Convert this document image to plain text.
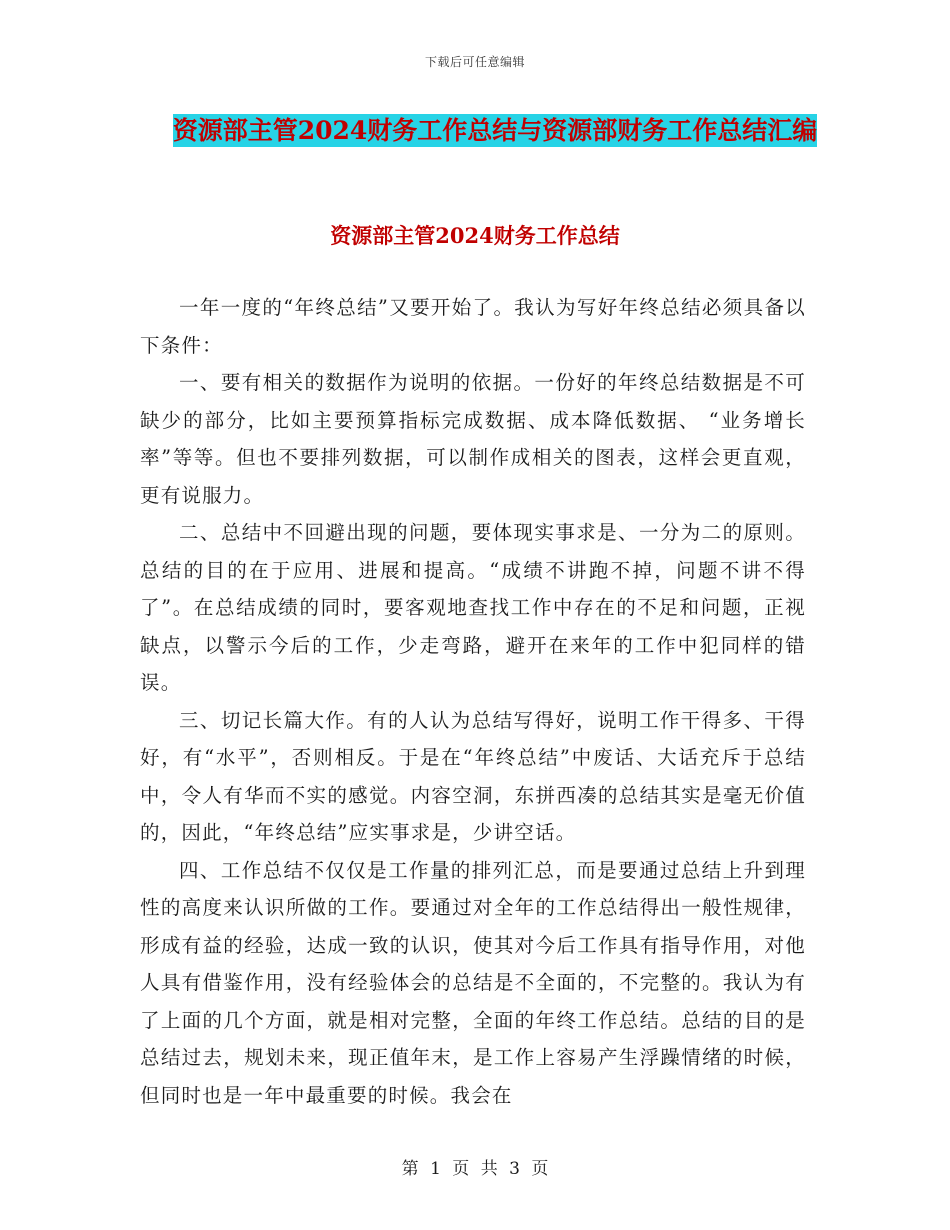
下载后可任意编辑
资源部主管2024财务工作总结与资源部财务工作总结汇编
资源部主管2024财务工作总结

一年一度的“年终总结”又要开始了。我认为写好年终总结必须具备以下条件：

一、要有相关的数据作为说明的依据。一份好的年终总结数据是不可缺少的部分，比如主要预算指标完成数据、成本降低数据、 “业务增长率”等等。但也不要排列数据，可以制作成相关的图表，这样会更直观，更有说服力。

二、总结中不回避出现的问题，要体现实事求是、一分为二的原则。总结的目的在于应用、进展和提高。“成绩不讲跑不掉，问题不讲不得了”。在总结成绩的同时，要客观地查找工作中存在的不足和问题，正视缺点，以警示今后的工作，少走弯路，避开在来年的工作中犯同样的错误。

三、切记长篇大作。有的人认为总结写得好，说明工作干得多、干得好，有“水平”，否则相反。于是在“年终总结”中废话、大话充斥于总结中，令人有华而不实的感觉。内容空洞，东拼西凑的总结其实是毫无价值的，因此，“年终总结”应实事求是，少讲空话。

四、工作总结不仅仅是工作量的排列汇总，而是要通过总结上升到理性的高度来认识所做的工作。要通过对全年的工作总结得出一般性规律，形成有益的经验，达成一致的认识，使其对今后工作具有指导作用，对他人具有借鉴作用，没有经验体会的总结是不全面的，不完整的。我认为有了上面的几个方面，就是相对完整，全面的年终工作总结。总结的目的是总结过去，规划未来，现正值年末，是工作上容易产生浮躁情绪的时候，但同时也是一年中最重要的时候。我会在

第 1 页 共 3 页
